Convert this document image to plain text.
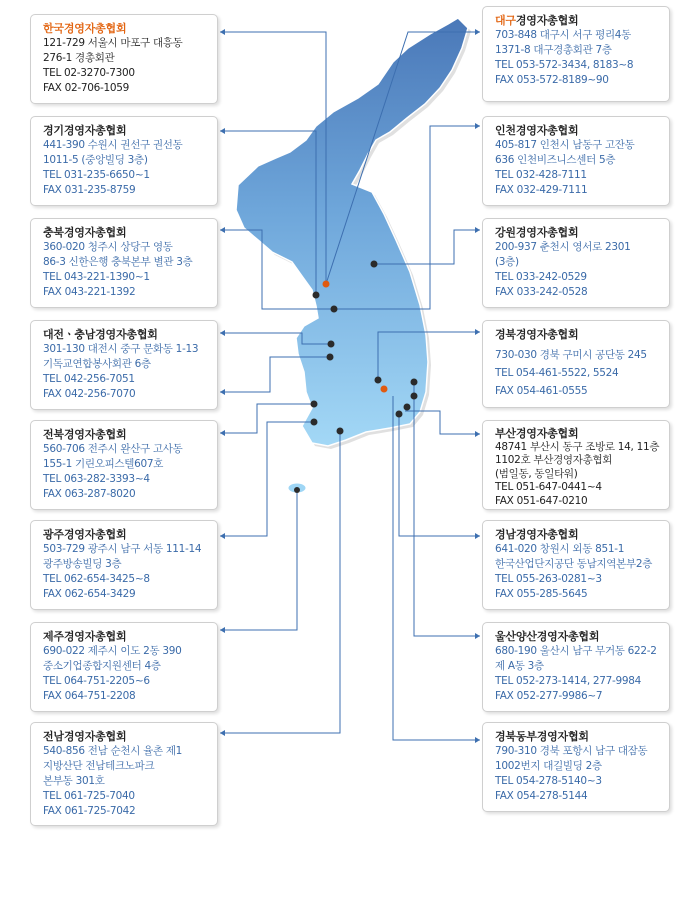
한국경영자총협회
121-729 서울시 마포구 대흥동
276-1 경총회관
TEL 02-3270-7300
FAX 02-706-1059
경기경영자총협회
441-390 수원시 권선구 권선동
1011-5 (중앙빌딩 3층)
TEL 031-235-6650~1
FAX 031-235-8759
충북경영자총협회
360-020 청주시 상당구 영동
86-3 신한은행 충북본부 별관 3층
TEL 043-221-1390~1
FAX 043-221-1392
대전ㆍ충남경영자총협회
301-130 대전시 중구 문화동 1-13
기독교연합봉사회관 6층
TEL 042-256-7051
FAX 042-256-7070
전북경영자총협회
560-706 전주시 완산구 고사동
155-1 기린오피스텔607호
TEL 063-282-3393~4
FAX 063-287-8020
광주경영자총협회
503-729 광주시 남구 서동 111-14
광주방송빌딩 3층
TEL 062-654-3425~8
FAX 062-654-3429
제주경영자총협회
690-022 제주시 이도 2동 390
중소기업종합지원센터 4층
TEL 064-751-2205~6
FAX 064-751-2208
전남경영자총협회
540-856 전남 순천시 율촌 제1
지방산단 전남테크노파크
본부동 301호
TEL 061-725-7040
FAX 061-725-7042
대구경영자총협회
703-848 대구시 서구 평리4동
1371-8 대구경총회관 7층
TEL 053-572-3434, 8183~8
FAX 053-572-8189~90
인천경영자총협회
405-817 인천시 남동구 고잔동
636 인천비즈니스센터 5층
TEL 032-428-7111
FAX 032-429-7111
강원경영자총협회
200-937 춘천시 영서로 2301
(3층)
TEL 033-242-0529
FAX 033-242-0528
경북경영자총협회
730-030 경북 구미시 공단동 245
TEL 054-461-5522, 5524
FAX 054-461-0555
부산경영자총협회
48741 부산시 동구 조방로 14, 11층
1102호 부산경영자총협회
(범일동, 동일타워)
TEL 051-647-0441~4
FAX 051-647-0210
경남경영자총협회
641-020 창원시 외동 851-1
한국산업단지공단 동남지역본부2층
TEL 055-263-0281~3
FAX 055-285-5645
울산양산경영자총협회
680-190 울산시 남구 무거동 622-2
제 A동 3층
TEL 052-273-1414, 277-9984
FAX 052-277-9986~7
경북동부경영자협회
790-310 경북 포항시 남구 대잠동
1002번지 대길빌딩 2층
TEL 054-278-5140~3
FAX 054-278-5144
